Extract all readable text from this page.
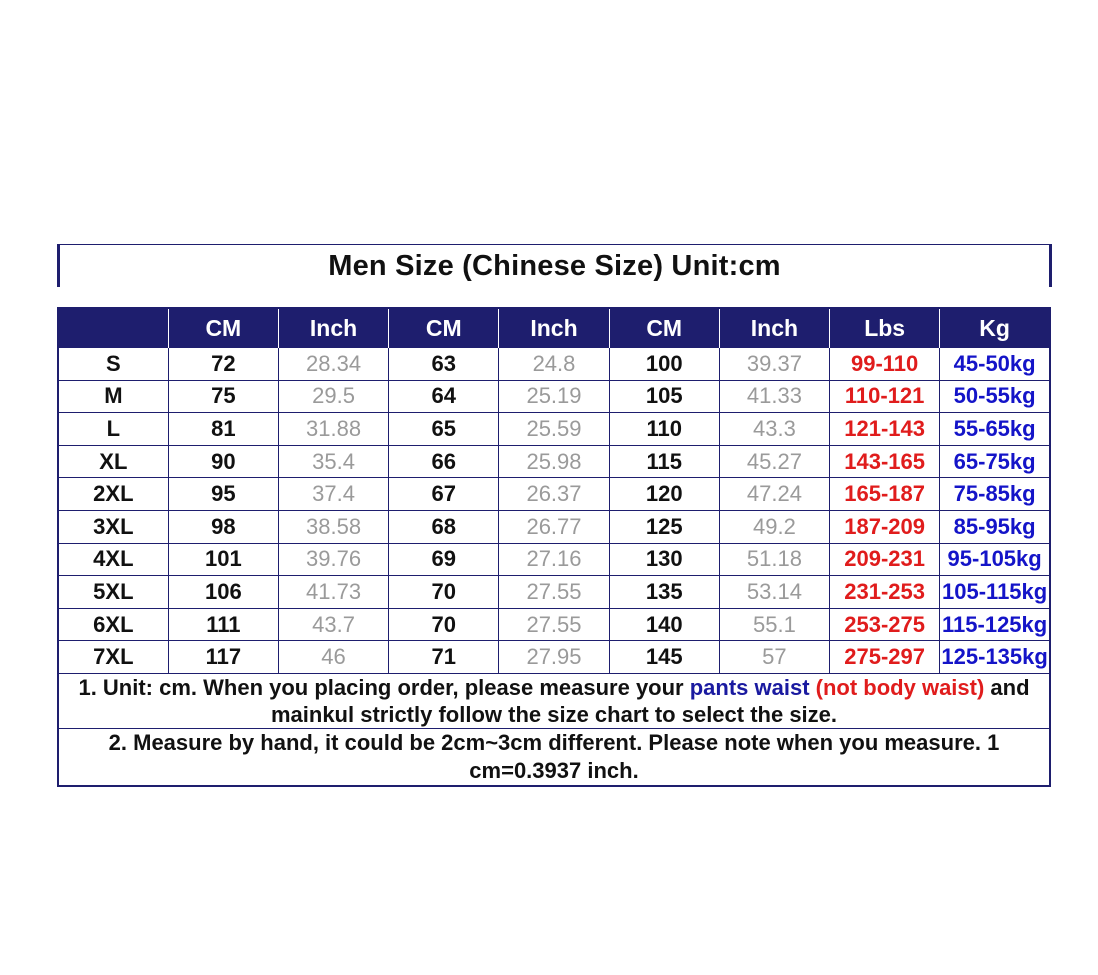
Men Size (Chinese Size) Unit:cm
	CM	Inch	CM	Inch	CM	Inch	Lbs	Kg
S	72	28.34	63	24.8	100	39.37	99-110	45-50kg
M	75	29.5	64	25.19	105	41.33	110-121	50-55kg
L	81	31.88	65	25.59	110	43.3	121-143	55-65kg
XL	90	35.4	66	25.98	115	45.27	143-165	65-75kg
2XL	95	37.4	67	26.37	120	47.24	165-187	75-85kg
3XL	98	38.58	68	26.77	125	49.2	187-209	85-95kg
4XL	101	39.76	69	27.16	130	51.18	209-231	95-105kg
5XL	106	41.73	70	27.55	135	53.14	231-253	105-115kg
6XL	111	43.7	70	27.55	140	55.1	253-275	115-125kg
7XL	117	46	71	27.95	145	57	275-297	125-135kg
1. Unit: cm. When you placing order, please measure your pants waist (not body waist) and mainkul strictly follow the size chart to select the size.								
2. Measure by hand, it could be 2cm~3cm different. Please note when you measure. 1 cm=0.3937 inch.								
